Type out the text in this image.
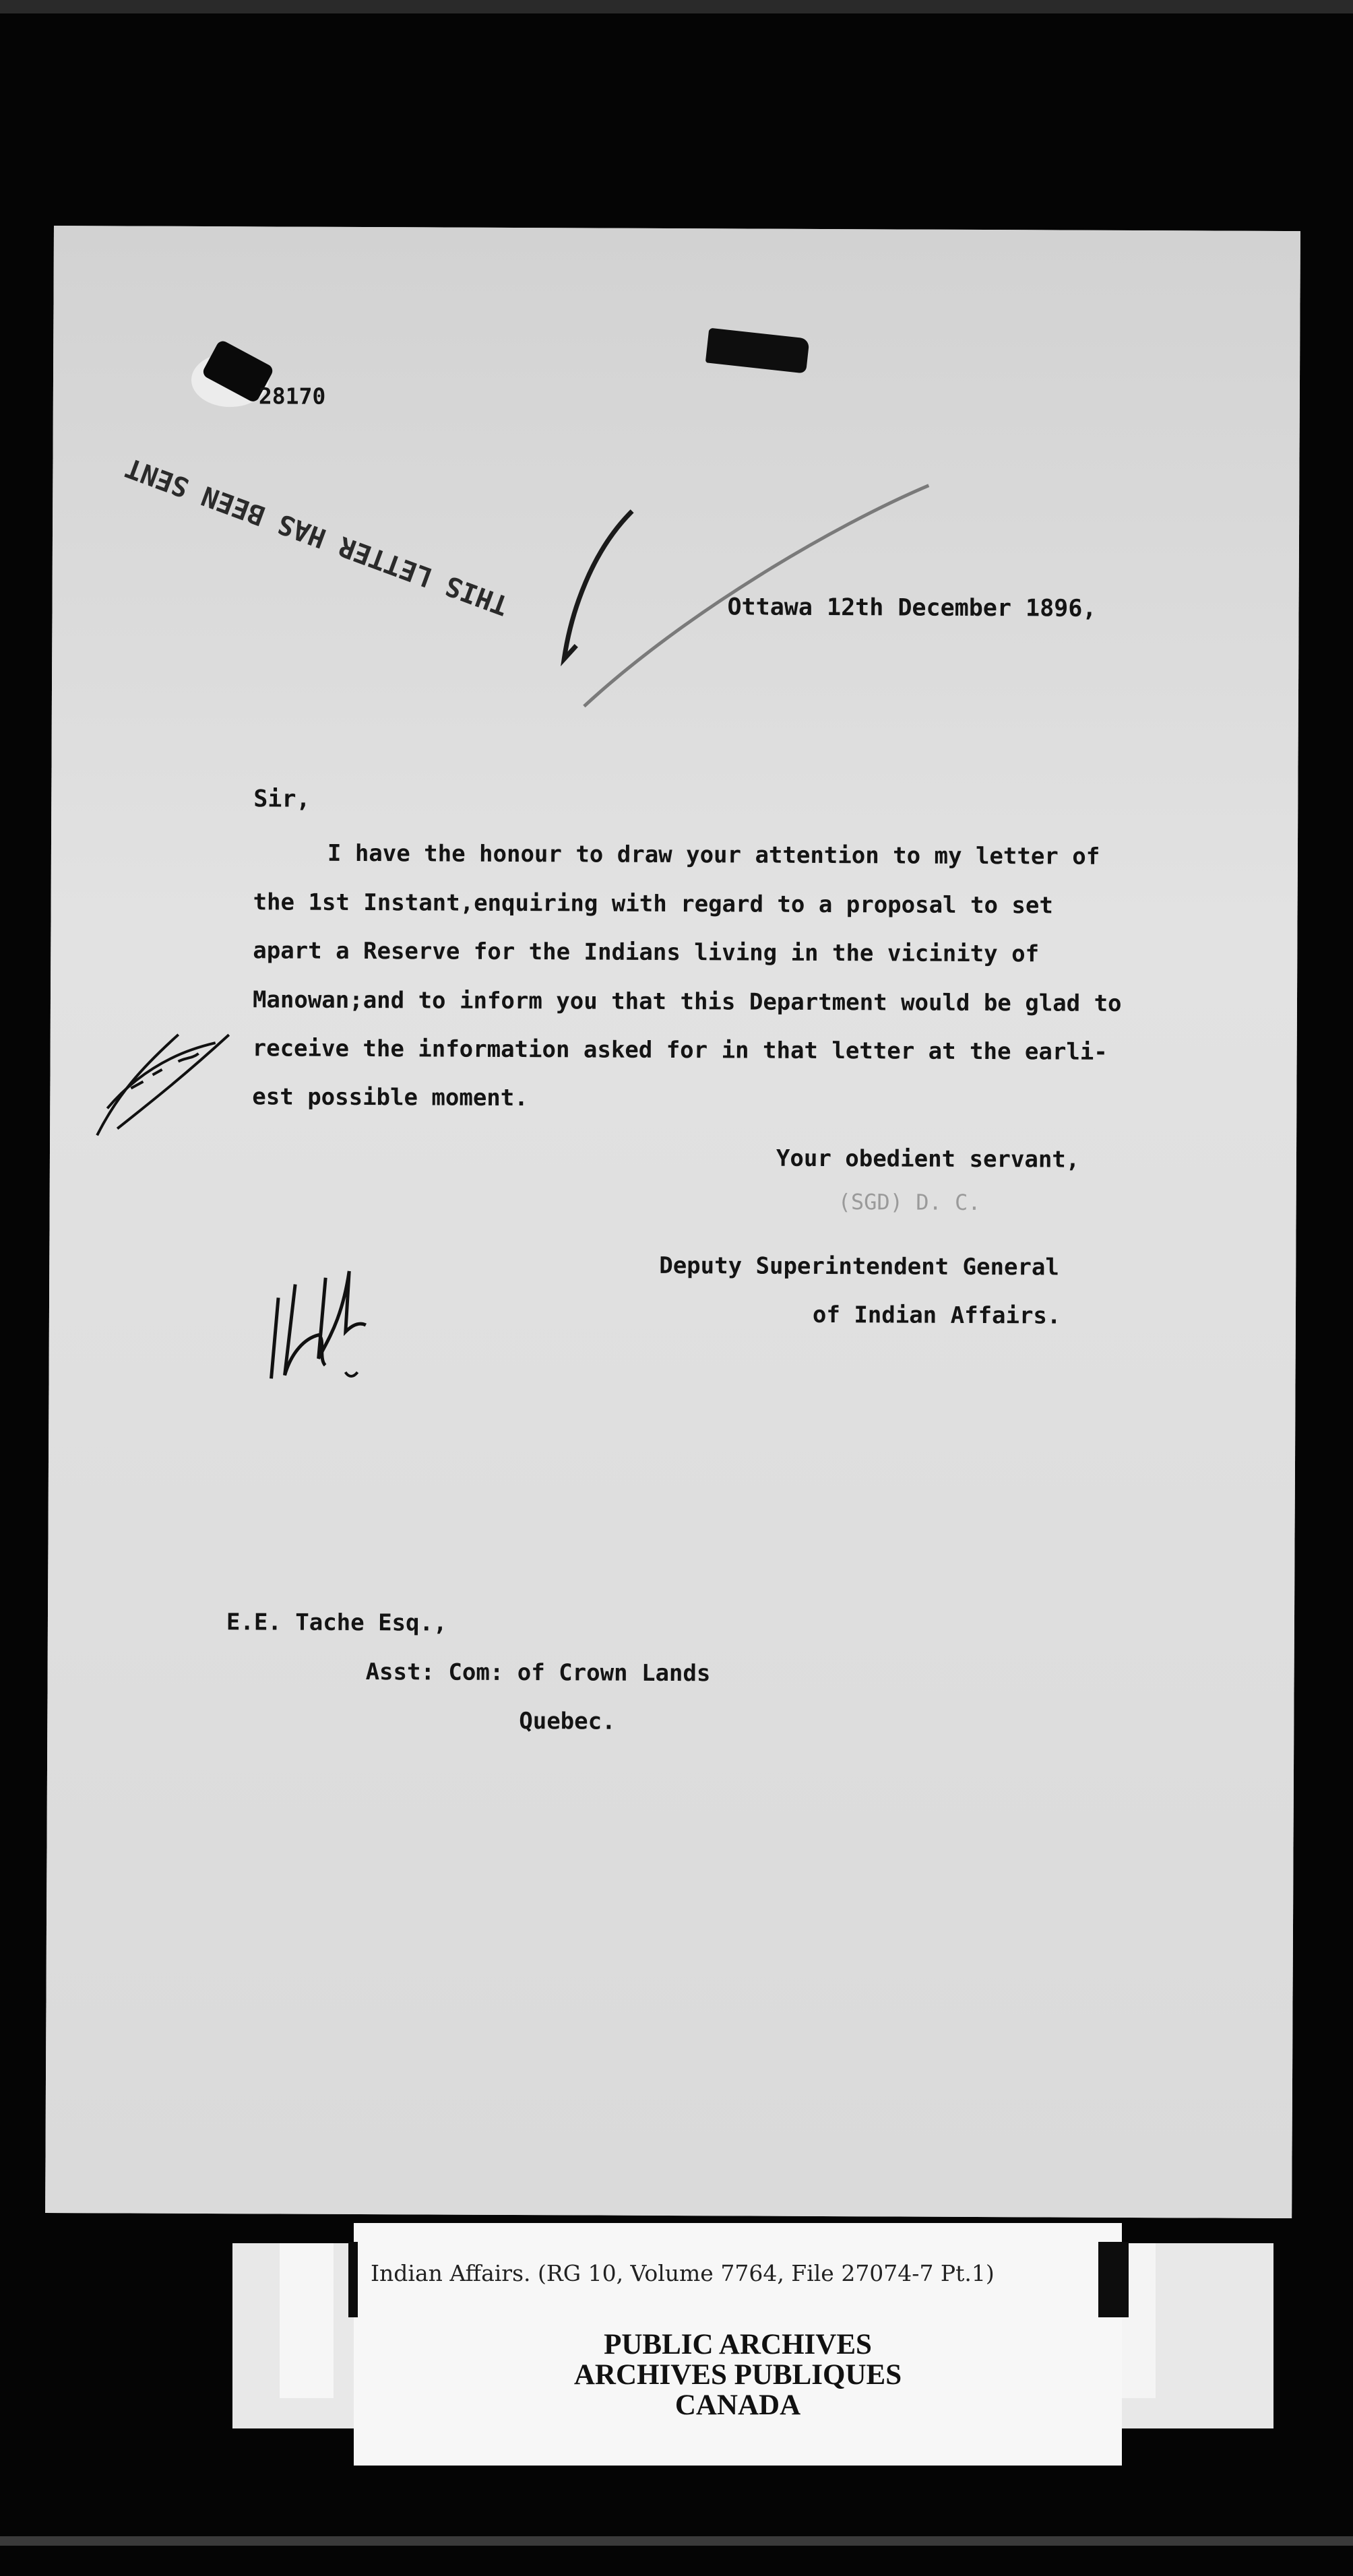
28170
THIS LETTER HAS BEEN SENT	Ottawa 12th December 1896,
Sir,
I have the honour to draw your attention to my letter of
the 1st Instant,enquiring with regard to a proposal to set
apart a Reserve for the Indians living in the vicinity of
Manowan;and to inform you that this Department would be glad to
receive the information asked for in that letter at the earli-
est possible moment.
Your obedient servant,
(SGD) D. C.
Deputy Superintendent General
of Indian Affairs.
E.E. Tache Esq.,
Asst: Com: of Crown Lands
Quebec.
Indian Affairs. (RG 10, Volume 7764, File 27074-7 Pt.1)
PUBLIC ARCHIVES
ARCHIVES PUBLIQUES
CANADA
